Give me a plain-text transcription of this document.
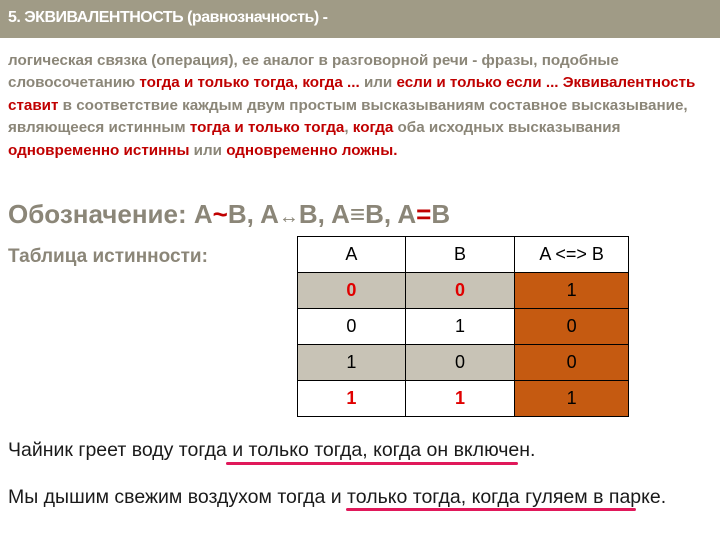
5. ЭКВИВАЛЕНТНОСТЬ (равнозначность) -
логическая связка (операция), ее аналог в разговорной речи - фразы, подобные словосочетанию тогда и только тогда, когда ... или если и только если ... Эквивалентность ставит в соответствие каждым двум простым высказываниям составное высказывание, являющееся истинным тогда и только тогда, когда оба исходных высказывания одновременно истинны или одновременно ложны.
Обозначение: A~B, A↔B, A≡B, A=B
Таблица истинности:	A	B	A <=> B
0	0	1
0	1	0
1	0	0
1	1	1
Чайник греет воду тогда и только тогда, когда он включен.
Мы дышим свежим воздухом тогда и только тогда, когда гуляем в парке.
